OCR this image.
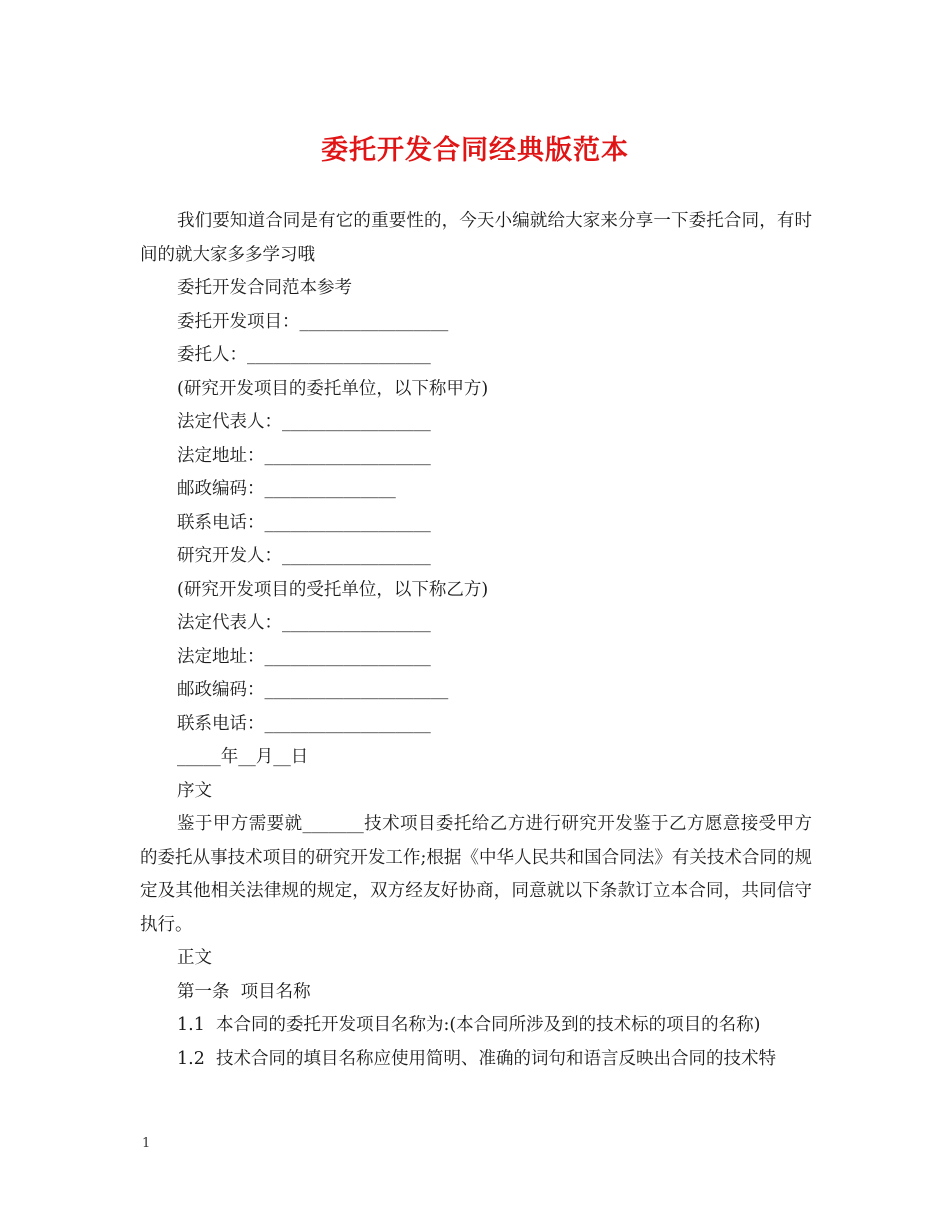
委托开发合同经典版范本

我们要知道合同是有它的重要性的，今天小编就给大家来分享一下委托合同，有时间的就大家多多学习哦

委托开发合同范本参考

委托开发项目：_________________

委托人：_____________________

(研究开发项目的委托单位，以下称甲方)

法定代表人：_________________

法定地址：___________________

邮政编码：_______________

联系电话：___________________

研究开发人：_________________

(研究开发项目的受托单位，以下称乙方)

法定代表人：_________________

法定地址：___________________

邮政编码：_____________________

联系电话：___________________

_____年__月__日

序文

鉴于甲方需要就_______技术项目委托给乙方进行研究开发鉴于乙方愿意接受甲方的委托从事技术项目的研究开发工作;根据《中华人民共和国合同法》有关技术合同的规定及其他相关法律规的规定，双方经友好协商，同意就以下条款订立本合同，共同信守执行。

正文

第一条  项目名称

1.1  本合同的委托开发项目名称为:(本合同所涉及到的技术标的项目的名称)

1.2  技术合同的填目名称应使用简明、准确的词句和语言反映出合同的技术特

1
